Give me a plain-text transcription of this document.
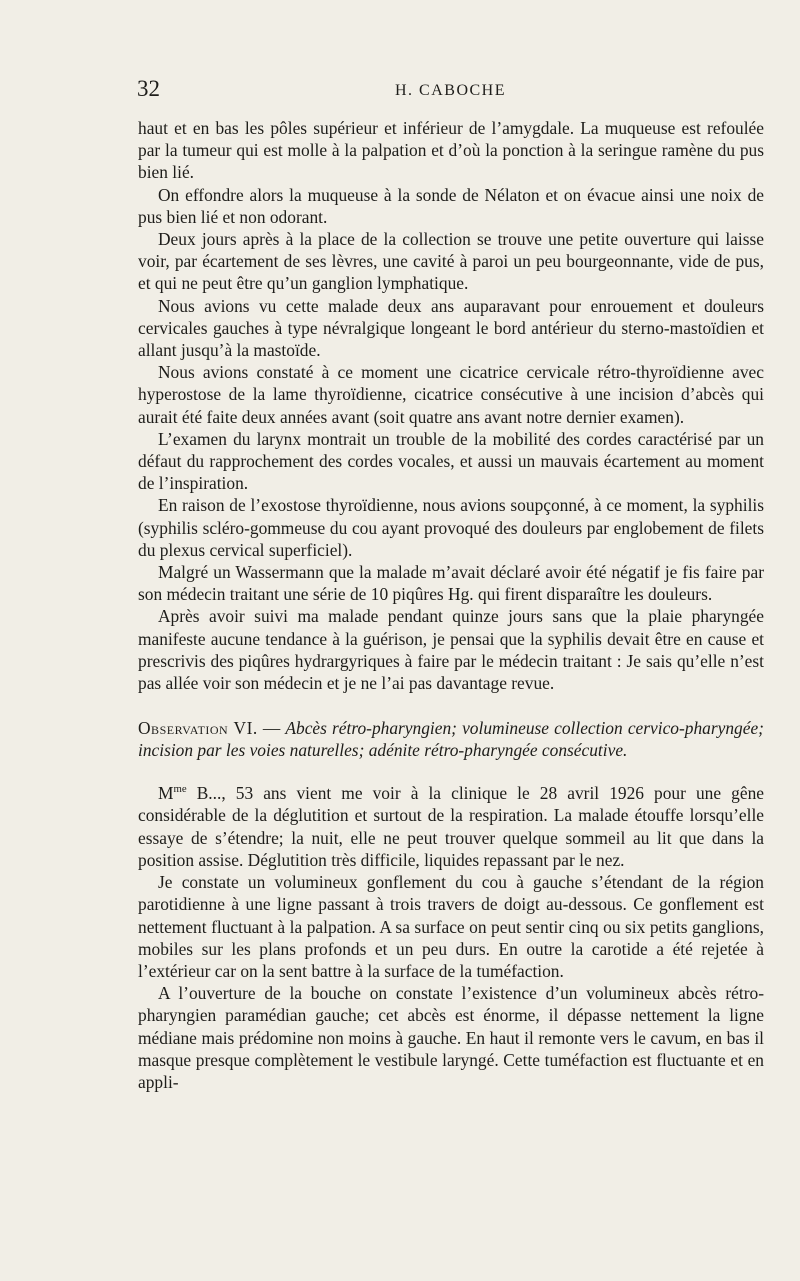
32	H. CABOCHE

haut et en bas les pôles supérieur et inférieur de l’amygdale. La muqueuse est refoulée par la tumeur qui est molle à la palpation et d’où la ponction à la seringue ramène du pus bien lié.

On effondre alors la muqueuse à la sonde de Nélaton et on évacue ainsi une noix de pus bien lié et non odorant.

Deux jours après à la place de la collection se trouve une petite ouverture qui laisse voir, par écartement de ses lèvres, une cavité à paroi un peu bourgeonnante, vide de pus, et qui ne peut être qu’un ganglion lymphatique.

Nous avions vu cette malade deux ans auparavant pour enrouement et douleurs cervicales gauches à type névralgique longeant le bord antérieur du sterno-mastoïdien et allant jusqu’à la mastoïde.

Nous avions constaté à ce moment une cicatrice cervicale rétro-thyroïdienne avec hyperostose de la lame thyroïdienne, cicatrice consécutive à une incision d’abcès qui aurait été faite deux années avant (soit quatre ans avant notre dernier examen).

L’examen du larynx montrait un trouble de la mobilité des cordes caractérisé par un défaut du rapprochement des cordes vocales, et aussi un mauvais écartement au moment de l’inspiration.

En raison de l’exostose thyroïdienne, nous avions soupçonné, à ce moment, la syphilis (syphilis scléro-gommeuse du cou ayant provoqué des douleurs par englobement de filets du plexus cervical superficiel).

Malgré un Wassermann que la malade m’avait déclaré avoir été négatif je fis faire par son médecin traitant une série de 10 piqûres Hg. qui firent disparaître les douleurs.

Après avoir suivi ma malade pendant quinze jours sans que la plaie pharyngée manifeste aucune tendance à la guérison, je pensai que la syphilis devait être en cause et prescrivis des piqûres hydrargyriques à faire par le médecin traitant : Je sais qu’elle n’est pas allée voir son médecin et je ne l’ai pas davantage revue.

Observation VI. — Abcès rétro-pharyngien; volumineuse collection cervico-pharyngée; incision par les voies naturelles; adénite rétro-pharyngée consécutive.

$M^{me}$ B..., 53 ans vient me voir à la clinique le 28 avril 1926 pour une gêne considérable de la déglutition et surtout de la respiration. La malade étouffe lorsqu’elle essaye de s’étendre; la nuit, elle ne peut trouver quelque sommeil au lit que dans la position assise. Déglutition très difficile, liquides repassant par le nez.

Je constate un volumineux gonflement du cou à gauche s’étendant de la région parotidienne à une ligne passant à trois travers de doigt au-dessous. Ce gonflement est nettement fluctuant à la palpation. A sa surface on peut sentir cinq ou six petits ganglions, mobiles sur les plans profonds et un peu durs. En outre la carotide a été rejetée à l’extérieur car on la sent battre à la surface de la tuméfaction.

A l’ouverture de la bouche on constate l’existence d’un volumineux abcès rétro-pharyngien paramédian gauche; cet abcès est énorme, il dépasse nettement la ligne médiane mais prédomine non moins à gauche. En haut il remonte vers le cavum, en bas il masque presque complètement le vestibule laryngé. Cette tuméfaction est fluctuante et en appli-
